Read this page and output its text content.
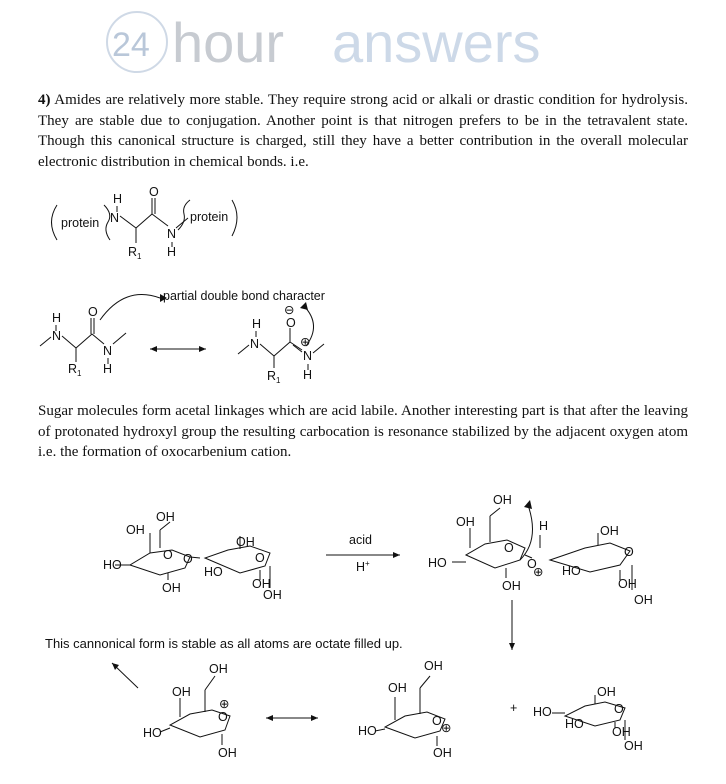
24 hour answers

4) Amides are relatively more stable. They require strong acid or alkali or drastic condition for hydrolysis. They are stable due to conjugation. Another point is that nitrogen prefers to be in the tetravalent state. Though this canonical structure is charged, still they have a better contribution in the overall molecular electronic distribution in chemical bonds. i.e.

Sugar molecules form acetal linkages which are acid labile. Another interesting part is that after the leaving of protonated hydroxyl group the resulting carbocation is resonance stabilized by the adjacent oxygen atom i.e. the formation of oxocarbenium cation.

protein N
H
R 1
O
N
H
protein
H
N
R 1
O
N
H
partial double bond character
H
N
R 1
O
⊖
N
⊕
H
O
OH
OH
HO
OH
O	O
OH
HO
OH
OH
acid
H +
O
OH
OH
HO
OH
O
⊕
H
O
OH
HO
OH
OH
This cannonical form is stable as all atoms are octate filled up.
O
⊕
OH
OH
HO
OH
⊕
O
OH
OH
HO
OH
+	O
OH
HO
HO
OH
OH
